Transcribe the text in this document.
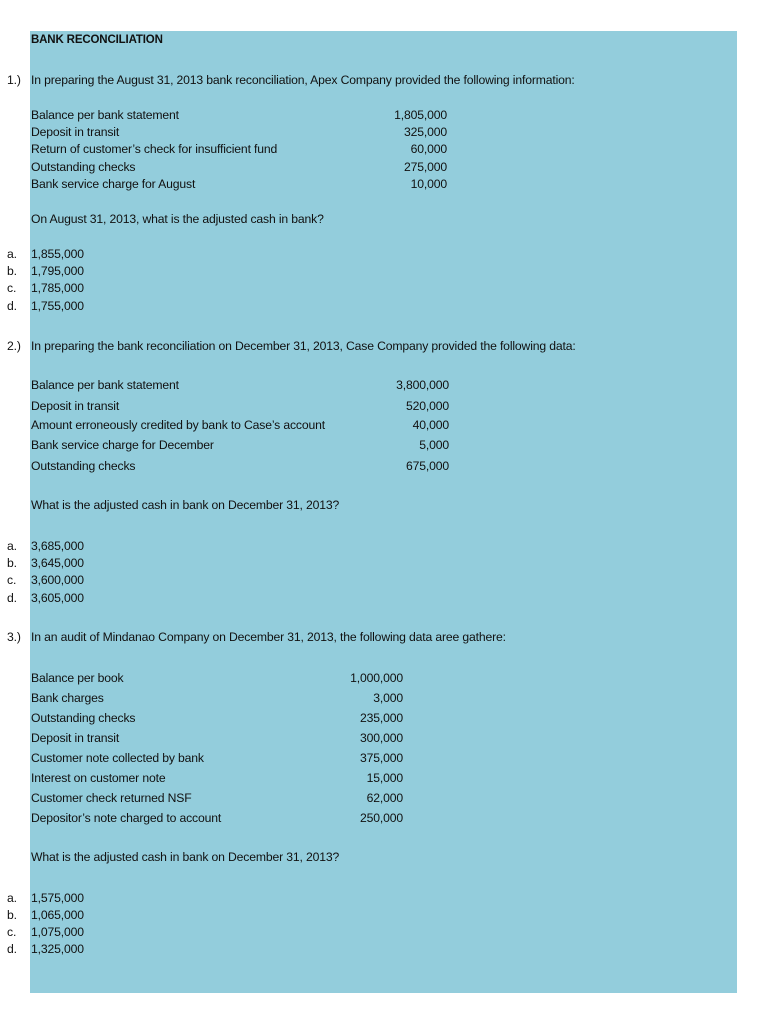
BANK RECONCILIATION
1.) In preparing the August 31, 2013 bank reconciliation, Apex Company provided the following information:
Balance per bank statement	1,805,000
Deposit in transit	325,000
Return of customer’s check for insufficient fund	60,000
Outstanding checks	275,000
Bank service charge for August	10,000
On August 31, 2013, what is the adjusted cash in bank?
a. 1,855,000
b. 1,795,000
c. 1,785,000
d. 1,755,000
2.) In preparing the bank reconciliation on December 31, 2013, Case Company provided the following data:
Balance per bank statement	3,800,000
Deposit in transit	520,000
Amount erroneously credited by bank to Case’s account	40,000
Bank service charge for December	5,000
Outstanding checks	675,000
What is the adjusted cash in bank on December 31, 2013?
a. 3,685,000
b. 3,645,000
c. 3,600,000
d. 3,605,000
3.) In an audit of Mindanao Company on December 31, 2013, the following data aree gathere:
Balance per book	1,000,000
Bank charges	3,000
Outstanding checks	235,000
Deposit in transit	300,000
Customer note collected by bank	375,000
Interest on customer note	15,000
Customer check returned NSF	62,000
Depositor’s note charged to account	250,000
What is the adjusted cash in bank on December 31, 2013?
a. 1,575,000
b. 1,065,000
c. 1,075,000
d. 1,325,000
